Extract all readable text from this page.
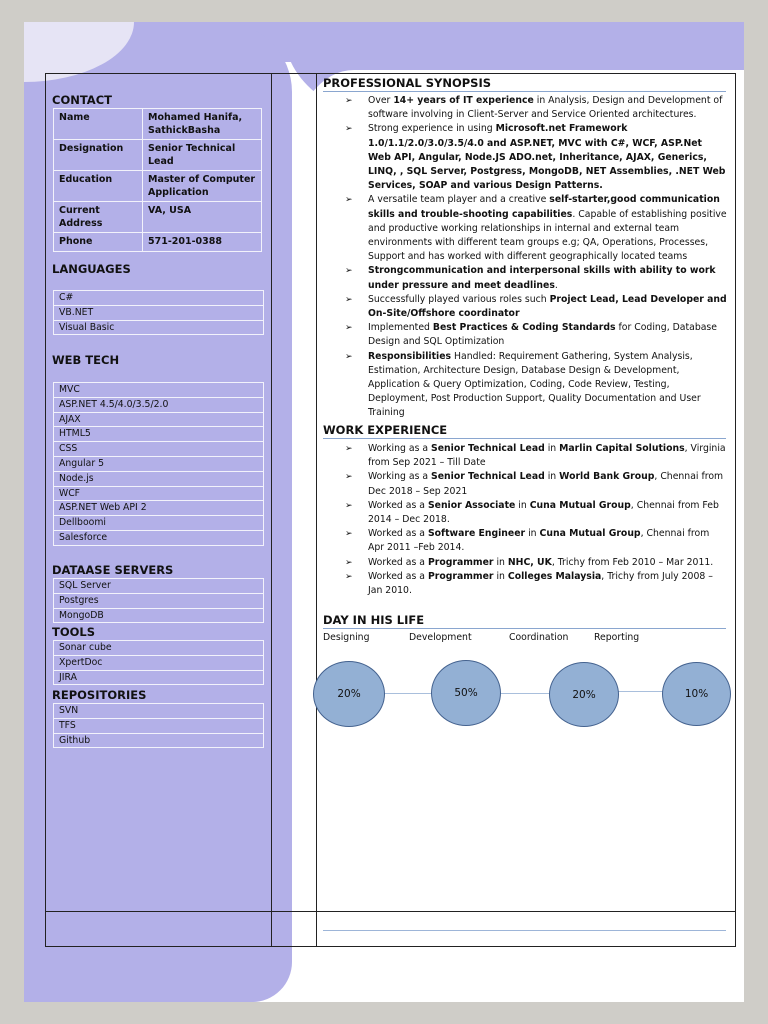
CONTACT
Name	Mohamed Hanifa, SathickBasha
Designation	Senior Technical Lead
Education	Master of Computer Application
Current Address	VA, USA
Phone	571-201-0388
LANGUAGES
C#
VB.NET
Visual Basic
WEB TECH
MVC
ASP.NET 4.5/4.0/3.5/2.0
AJAX
HTML5
CSS
Angular 5
Node.js
WCF
ASP.NET Web API 2
Dellboomi
Salesforce
DATAASE SERVERS
SQL Server
Postgres
MongoDB
TOOLS
Sonar cube
XpertDoc
JIRA
REPOSITORIES
SVN
TFS
Github
PROFESSIONAL SYNOPSIS
➢ Over 14+ years of IT experience in Analysis, Design and Development of software involving in Client-Server and Service Oriented architectures.
➢ Strong experience in using Microsoft.net Framework 1.0/1.1/2.0/3.0/3.5/4.0 and ASP.NET, MVC with C#, WCF, ASP.Net Web API, Angular, Node.JS ADO.net, Inheritance, AJAX, Generics, LINQ, , SQL Server, Postgress, MongoDB, NET Assemblies, .NET Web Services, SOAP and various Design Patterns.
➢ A versatile team player and a creative self-starter,good communication skills and trouble-shooting capabilities. Capable of establishing positive and productive working relationships in internal and external team environments with different team groups e.g; QA, Operations, Processes, Support and has worked with different geographically located teams
➢ Strongcommunication and interpersonal skills with ability to work under pressure and meet deadlines.
➢ Successfully played various roles such Project Lead, Lead Developer and On-Site/Offshore coordinator
➢ Implemented Best Practices & Coding Standards for Coding, Database Design and SQL Optimization
➢ Responsibilities Handled: Requirement Gathering, System Analysis, Estimation, Architecture Design, Database Design & Development, Application & Query Optimization, Coding, Code Review, Testing, Deployment, Post Production Support, Quality Documentation and User Training
WORK EXPERIENCE
➢ Working as a Senior Technical Lead in Marlin Capital Solutions, Virginia from Sep 2021 – Till Date
➢ Working as a Senior Technical Lead in World Bank Group, Chennai from Dec 2018 – Sep 2021
➢ Worked as a Senior Associate in Cuna Mutual Group, Chennai from Feb 2014 – Dec 2018.
➢ Worked as a Software Engineer in Cuna Mutual Group, Chennai from Apr 2011 –Feb 2014.
➢ Worked as a Programmer in NHC, UK, Trichy from Feb 2010 – Mar 2011.
➢ Worked as a Programmer in Colleges Malaysia, Trichy from July 2008 – Jan 2010.
DAY IN HIS LIFE
Designing	Development	Coordination	Reporting
20%	50%	20%	10%
